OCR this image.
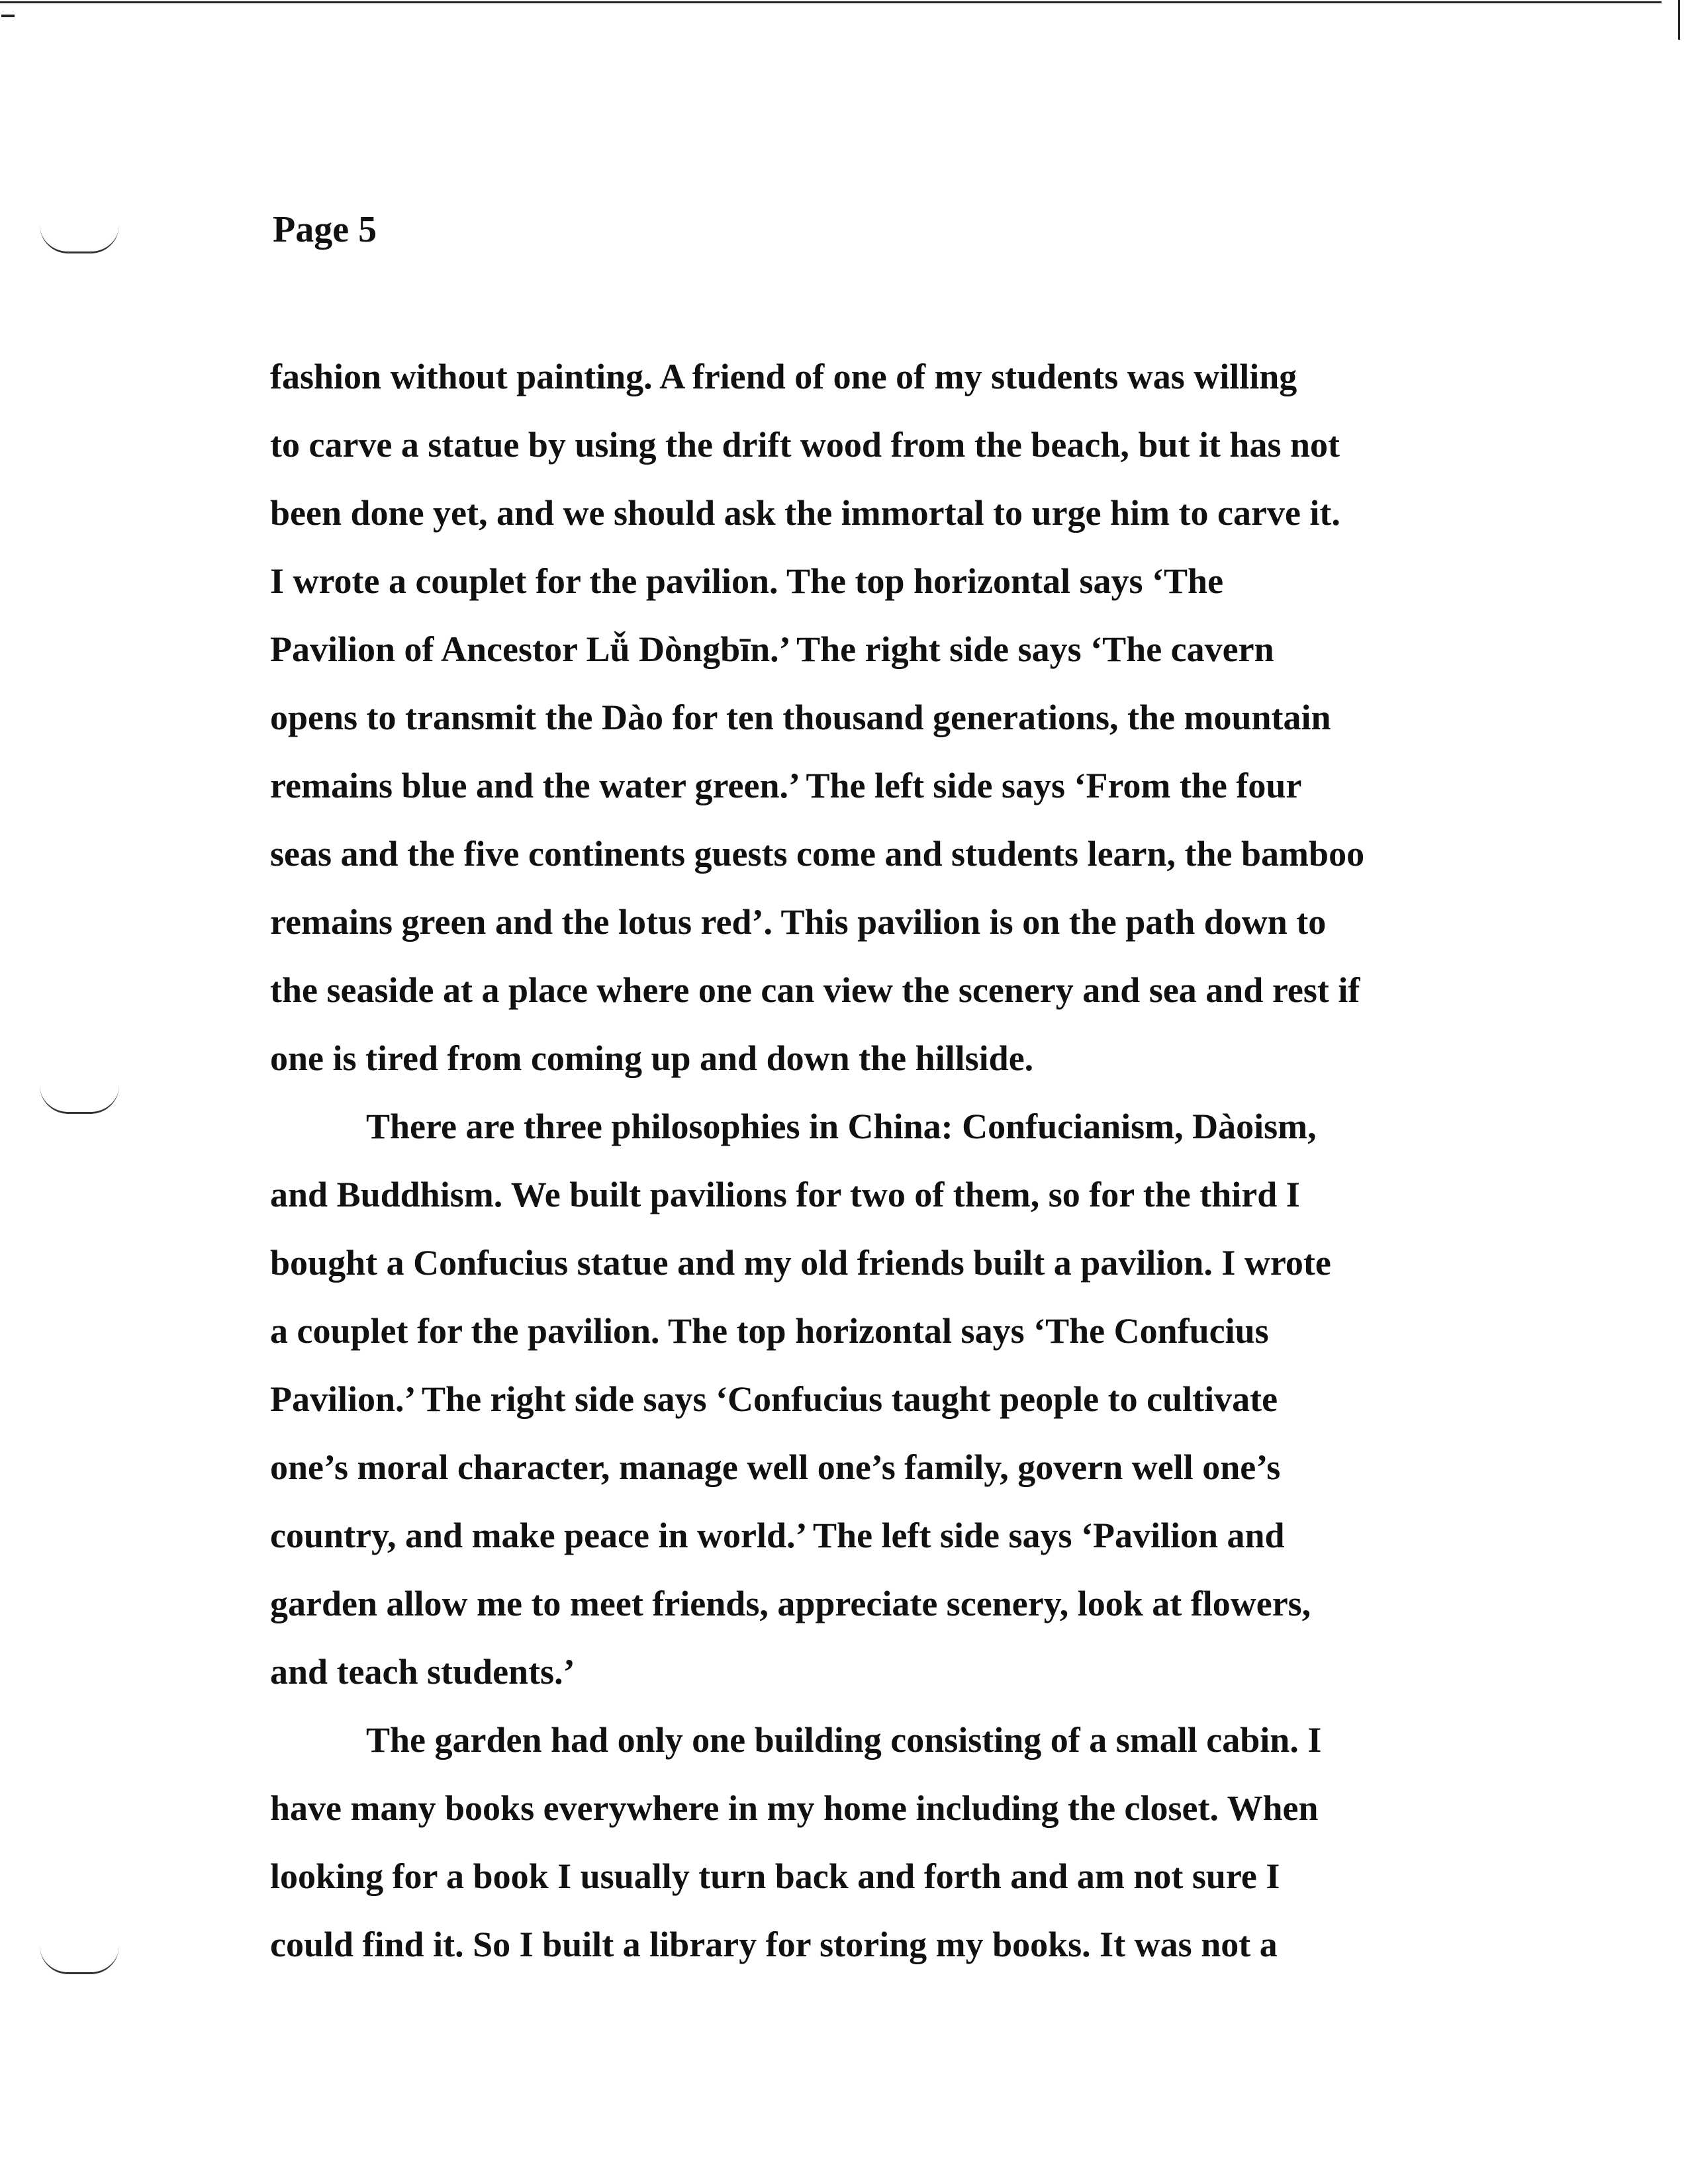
Page 5
fashion without painting. A friend of one of my students was willing
to carve a statue by using the drift wood from the beach, but it has not
been done yet, and we should ask the immortal to urge him to carve it.
I wrote a couplet for the pavilion. The top horizontal says ‘The
Pavilion of Ancestor Lǚ Dòngbīn.’ The right side says ‘The cavern
opens to transmit the Dào for ten thousand generations, the mountain
remains blue and the water green.’ The left side says ‘From the four
seas and the five continents guests come and students learn, the bamboo
remains green and the lotus red’. This pavilion is on the path down to
the seaside at a place where one can view the scenery and sea and rest if
one is tired from coming up and down the hillside.
There are three philosophies in China: Confucianism, Dàoism,
and Buddhism. We built pavilions for two of them, so for the third I
bought a Confucius statue and my old friends built a pavilion. I wrote
a couplet for the pavilion. The top horizontal says ‘The Confucius
Pavilion.’ The right side says ‘Confucius taught people to cultivate
one’s moral character, manage well one’s family, govern well one’s
country, and make peace in world.’ The left side says ‘Pavilion and
garden allow me to meet friends, appreciate scenery, look at flowers,
and teach students.’
The garden had only one building consisting of a small cabin. I
have many books everywhere in my home including the closet. When
looking for a book I usually turn back and forth and am not sure I
could find it. So I built a library for storing my books. It was not a
